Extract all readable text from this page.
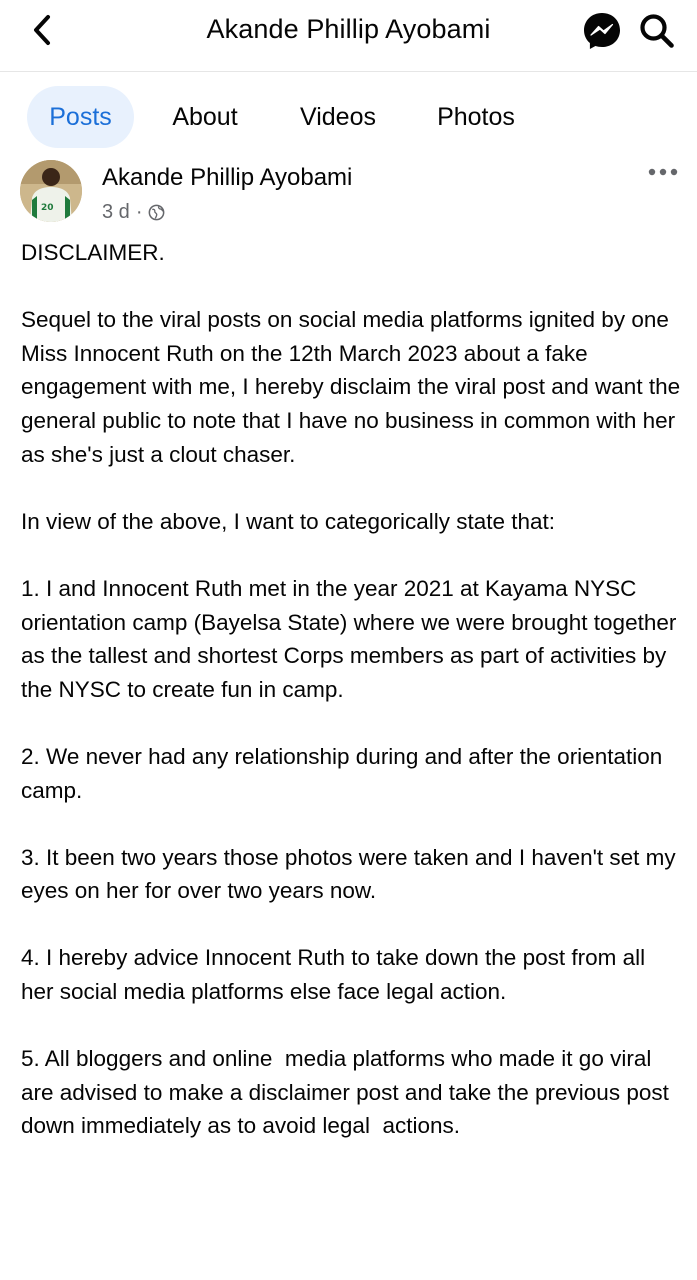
Akande Phillip Ayobami
Posts	About	Videos	Photos
20
Akande Phillip Ayobami
3 d ·

DISCLAIMER.

Sequel to the viral posts on social media platforms ignited by one Miss Innocent Ruth on the 12th March 2023 about a fake engagement with me, I hereby disclaim the viral post and want the general public to note that I have no business in common with her as she's just a clout chaser.

In view of the above, I want to categorically state that:

1. I and Innocent Ruth met in the year 2021 at Kayama NYSC orientation camp (Bayelsa State) where we were brought together as the tallest and shortest Corps members as part of activities by the NYSC to create fun in camp.

2. We never had any relationship during and after the orientation camp.

3. It been two years those photos were taken and I haven't set my eyes on her for over two years now.

4. I hereby advice Innocent Ruth to take down the post from all her social media platforms else face legal action.

5. All bloggers and online  media platforms who made it go viral are advised to make a disclaimer post and take the previous post down immediately as to avoid legal  actions.
